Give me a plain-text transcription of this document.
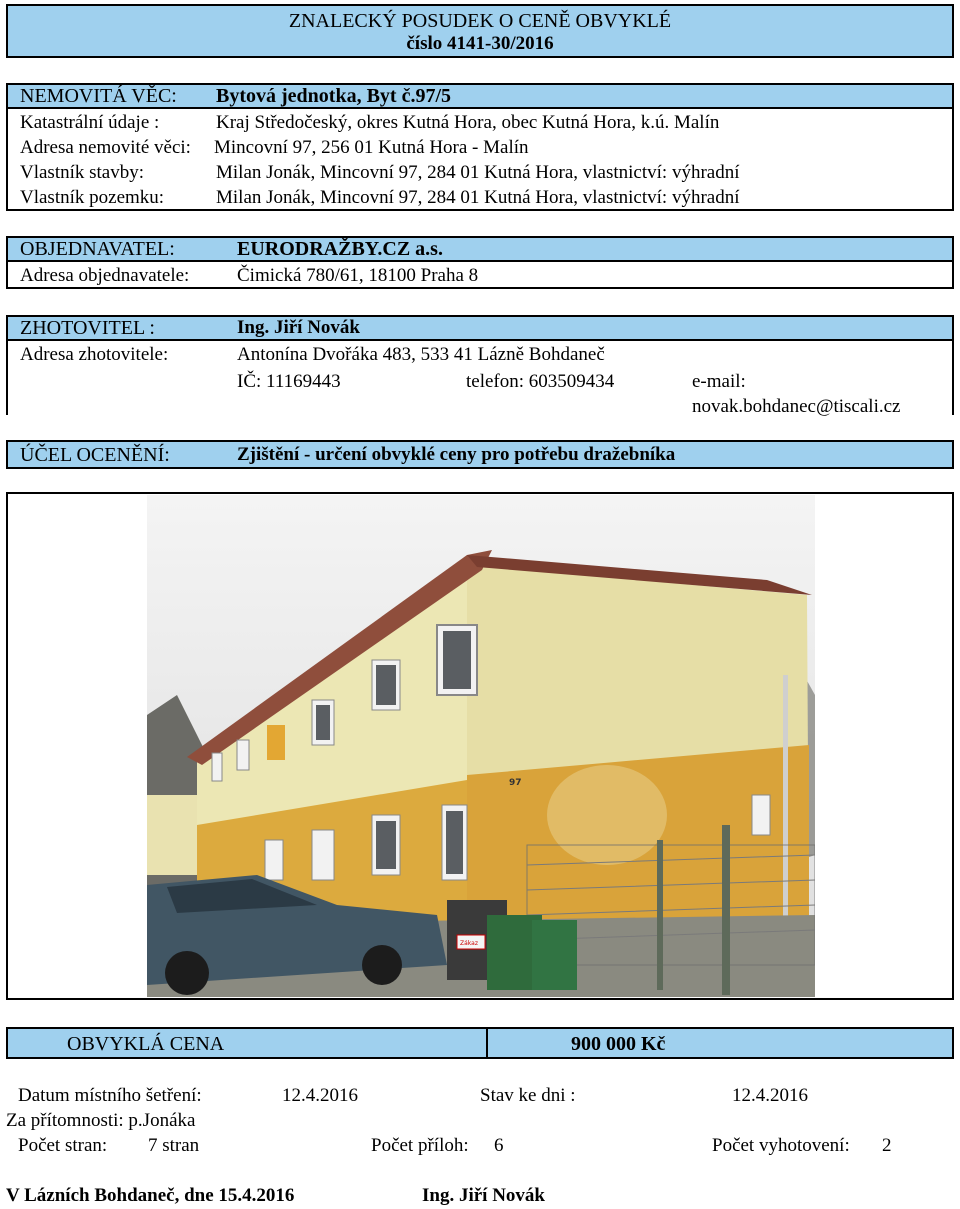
ZNALECKÝ POSUDEK O CENĚ OBVYKLÉ
číslo 4141-30/2016
NEMOVITÁ VĚC: Bytová jednotka, Byt č.97/5
Katastrální údaje :	Kraj Středočeský, okres Kutná Hora, obec Kutná Hora, k.ú. Malín
Adresa nemovité věci: Mincovní 97, 256 01 Kutná Hora - Malín
Vlastník stavby:	Milan Jonák, Mincovní 97, 284 01 Kutná Hora, vlastnictví: výhradní
Vlastník pozemku:	Milan Jonák, Mincovní 97, 284 01 Kutná Hora, vlastnictví: výhradní
OBJEDNAVATEL:	EURODRAŽBY.CZ a.s.
Adresa objednavatele:	Čimická 780/61, 18100 Praha 8
ZHOTOVITEL :	Ing. Jiří Novák
Adresa zhotovitele:	Antonína Dvořáka 483, 533 41 Lázně Bohdaneč
IČ: 11169443	telefon: 603509434	e-mail:
novak.bohdanec@tiscali.cz
ÚČEL OCENĚNÍ:	Zjištění - určení obvyklé ceny pro potřebu dražebníka
97
Zákaz
OBVYKLÁ CENA	900 000 Kč
Datum místního šetření:	12.4.2016	Stav ke dni :	12.4.2016
Za přítomnosti: p.Jonáka
Počet stran: 7 stran	Počet příloh: 6	Počet vyhotovení: 2
V Lázních Bohdaneč, dne 15.4.2016	Ing. Jiří Novák
